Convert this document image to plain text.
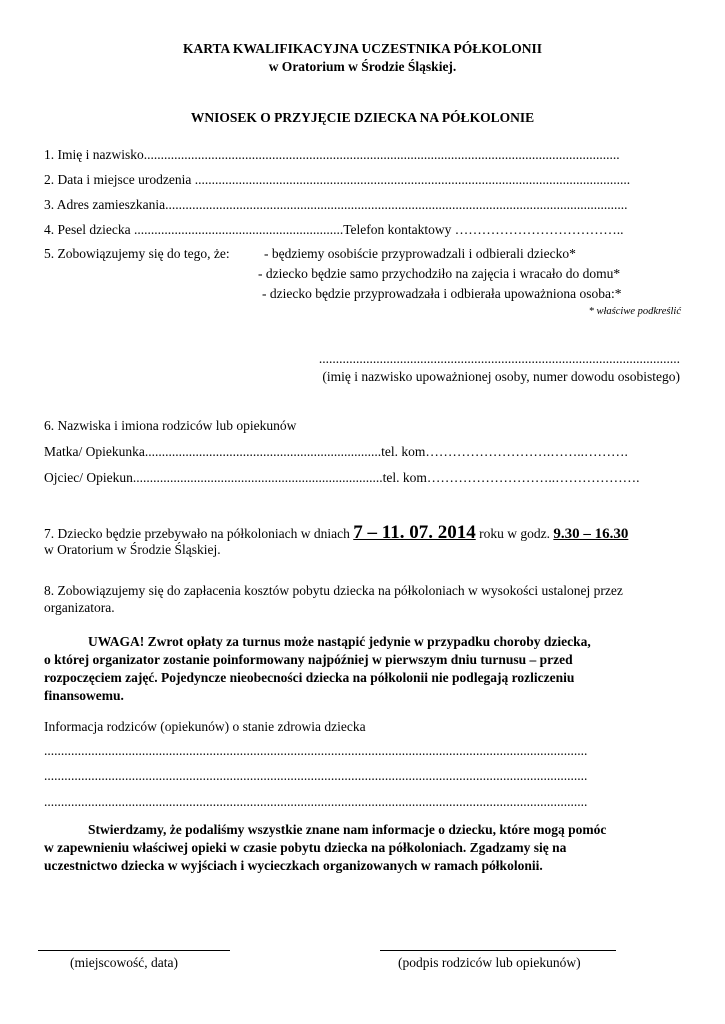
KARTA KWALIFIKACYJNA UCZESTNIKA PÓŁKOLONII
w Oratorium w Środzie Śląskiej.
WNIOSEK O PRZYJĘCIE DZIECKA NA PÓŁKOLONIE
1. Imię i nazwisko.............................................................................................................................................
2. Data i miejsce urodzenia .................................................................................................................................
3. Adres zamieszkania.........................................................................................................................................
4. Pesel dziecka ..............................................................Telefon kontaktowy ………………………………..
5. Zobowiązujemy się do tego, że:	- będziemy osobiście przyprowadzali i odbierali dziecko*
- dziecko będzie samo przychodziło na zajęcia i wracało do domu*
- dziecko będzie przyprowadzała i odbierała upoważniona osoba:*
* właściwe podkreślić
...........................................................................................................
(imię i nazwisko upoważnionej osoby, numer dowodu osobistego)
6. Nazwiska i imiona rodziców lub opiekunów
Matka/ Opiekunka......................................................................tel. kom……………………….……..……….
Ojciec/ Opiekun..........................................................................tel. kom………………………..……………….
7. Dziecko będzie przebywało na półkoloniach w dniach 7 – 11. 07. 2014 roku w godz. 9.30 – 16.30
w Oratorium w Środzie Śląskiej.
8. Zobowiązujemy się do zapłacenia kosztów pobytu dziecka na półkoloniach w wysokości ustalonej przez
organizatora.
UWAGA! Zwrot opłaty za turnus może nastąpić jedynie w przypadku choroby dziecka,
o której organizator zostanie poinformowany najpóźniej w pierwszym dniu turnusu – przed
rozpoczęciem zajęć. Pojedyncze nieobecności dziecka na półkolonii nie podlegają rozliczeniu
finansowemu.
Informacja rodziców (opiekunów) o stanie zdrowia dziecka
.................................................................................................................................................................
.................................................................................................................................................................
.................................................................................................................................................................
Stwierdzamy, że podaliśmy wszystkie znane nam informacje o dziecku, które mogą pomóc
w zapewnieniu właściwej opieki w czasie pobytu dziecka na półkoloniach. Zgadzamy się na
uczestnictwo dziecka w wyjściach i wycieczkach organizowanych w ramach półkolonii.
(miejscowość, data)	(podpis rodziców lub opiekunów)
